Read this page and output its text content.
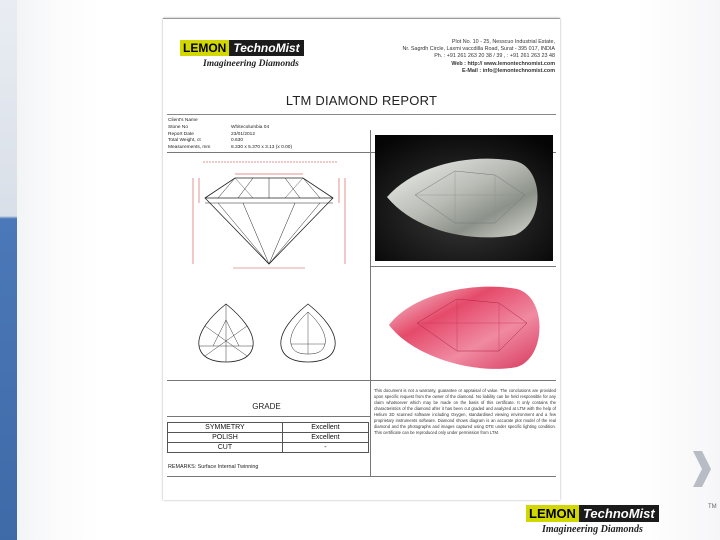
LEMON TechnoMist
Imagineering Diamonds
Plot No. 10 - 25, Nesscuo Industrial Estate,
Nr. Sagrdh Circle, Laxmi vaccdilla Road, Surat - 395 017, INDIA
Ph. : +91 261 263 20 38 / 39 , : +91 261 263 23 48
Web : http:// www.lemontechnomist.com
E-Mail : info@lemontechnomist.com
LTM DIAMOND REPORT
Client's Name
Stone No	Whitecolumbia 04
Report Date	23/01/2012
Total Weight, ct	0.630
Measurements, mm	8.330 x 5.370 x 3.13 (x 0.00)
GRADE
SYMMETRY	Excellent
POLISH	Excellent
CUT	-
REMARKS: Surface Internal Twinning
This document is not a warranty, guarantee or appraisal of value. The conclusions are provided upon specific request from the owner of the diamond. No liability can be held responsible for any claim whatsoever which may be made on the basis of this certificate. It only contains the characteristics of the diamond after it has been cut graded and analyzed at LTM with the help of Helium 3D scanned software including Oxygen, standardised viewing environment and a few proprietary instruments software. Diamond shows diagram is an accurate plot model of the real diamond and the photographs and images captured using DTE under specific lighting condition. This certificate can be reproduced only under permission from LTM.
LEMON TechnoMist
Imagineering Diamonds
TM
